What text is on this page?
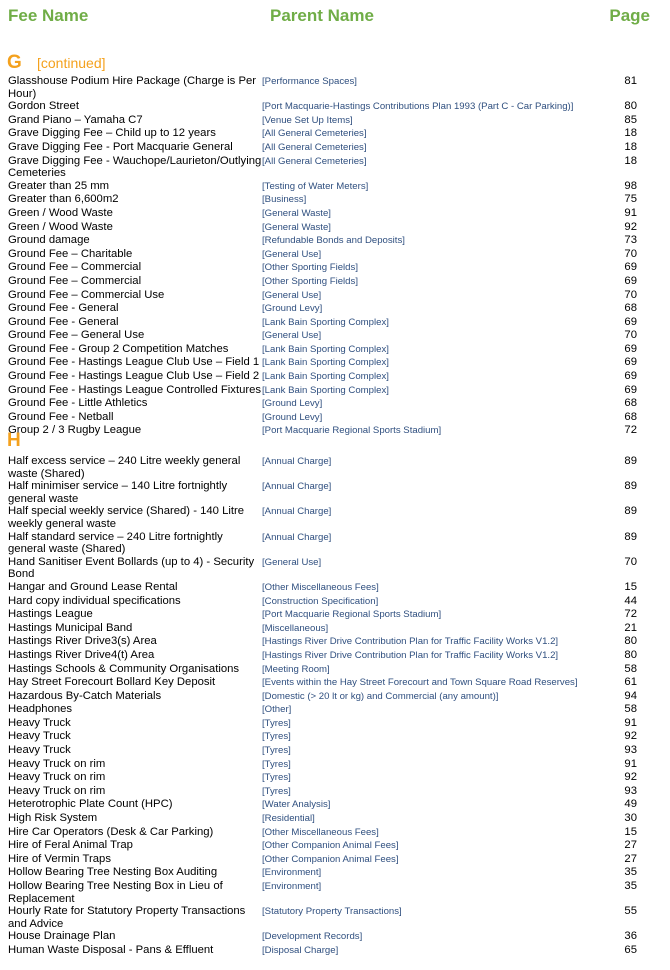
Fee Name	Parent Name	Page
G [continued]
Glasshouse Podium Hire Package (Charge is Per Hour)
[Performance Spaces]	81
Gordon Street	[Port Macquarie-Hastings Contributions Plan 1993 (Part C - Car Parking)]	80
Grand Piano – Yamaha C7	[Venue Set Up Items]	85
Grave Digging Fee – Child up to 12 years	[All General Cemeteries]	18
Grave Digging Fee - Port Macquarie General	[All General Cemeteries]	18
Grave Digging Fee - Wauchope/Laurieton/Outlying Cemeteries
[All General Cemeteries]	18
Greater than 25 mm	[Testing of Water Meters]	98
Greater than 6,600m2	[Business]	75
Green / Wood Waste	[General Waste]	91
Green / Wood Waste	[General Waste]	92
Ground damage	[Refundable Bonds and Deposits]	73
Ground Fee – Charitable	[General Use]	70
Ground Fee – Commercial	[Other Sporting Fields]	69
Ground Fee – Commercial	[Other Sporting Fields]	69
Ground Fee – Commercial Use	[General Use]	70
Ground Fee - General	[Ground Levy]	68
Ground Fee - General	[Lank Bain Sporting Complex]	69
Ground Fee – General Use	[General Use]	70
Ground Fee - Group 2 Competition Matches	[Lank Bain Sporting Complex]	69
Ground Fee - Hastings League Club Use – Field 1 [Lank Bain Sporting Complex]	69
Ground Fee - Hastings League Club Use – Field 2 [Lank Bain Sporting Complex]	69
Ground Fee - Hastings League Controlled Fixtures [Lank Bain Sporting Complex]	69
Ground Fee - Little Athletics	[Ground Levy]	68
Ground Fee - Netball	[Ground Levy]	68
Group 2 / 3 Rugby League	[Port Macquarie Regional Sports Stadium]	72
H
Half excess service – 240 Litre weekly general waste (Shared)
[Annual Charge]	89
Half minimiser service – 140 Litre fortnightly general waste
[Annual Charge]	89
Half special weekly service (Shared) - 140 Litre weekly general waste
[Annual Charge]	89
Half standard service – 240 Litre fortnightly general waste (Shared)
[Annual Charge]	89
Hand Sanitiser Event Bollards (up to 4) - Security Bond
[General Use]	70
Hangar and Ground Lease Rental	[Other Miscellaneous Fees]	15
Hard copy individual specifications	[Construction Specification]	44
Hastings League	[Port Macquarie Regional Sports Stadium]	72
Hastings Municipal Band	[Miscellaneous]	21
Hastings River Drive3(s) Area	[Hastings River Drive Contribution Plan for Traffic Facility Works V1.2]	80
Hastings River Drive4(t) Area	[Hastings River Drive Contribution Plan for Traffic Facility Works V1.2]	80
Hastings Schools & Community Organisations	[Meeting Room]	58
Hay Street Forecourt Bollard Key Deposit	[Events within the Hay Street Forecourt and Town Square Road Reserves]	61
Hazardous By-Catch Materials	[Domestic (> 20 lt or kg) and Commercial (any amount)]	94
Headphones	[Other]	58
Heavy Truck	[Tyres]	91
Heavy Truck	[Tyres]	92
Heavy Truck	[Tyres]	93
Heavy Truck on rim	[Tyres]	91
Heavy Truck on rim	[Tyres]	92
Heavy Truck on rim	[Tyres]	93
Heterotrophic Plate Count (HPC)	[Water Analysis]	49
High Risk System	[Residential]	30
Hire Car Operators (Desk & Car Parking)	[Other Miscellaneous Fees]	15
Hire of Feral Animal Trap	[Other Companion Animal Fees]	27
Hire of Vermin Traps	[Other Companion Animal Fees]	27
Hollow Bearing Tree Nesting Box Auditing	[Environment]	35
Hollow Bearing Tree Nesting Box in Lieu of Replacement
[Environment]	35
Hourly Rate for Statutory Property Transactions and Advice
[Statutory Property Transactions]	55
House Drainage Plan	[Development Records]	36
Human Waste Disposal - Pans & Effluent	[Disposal Charge]	65
